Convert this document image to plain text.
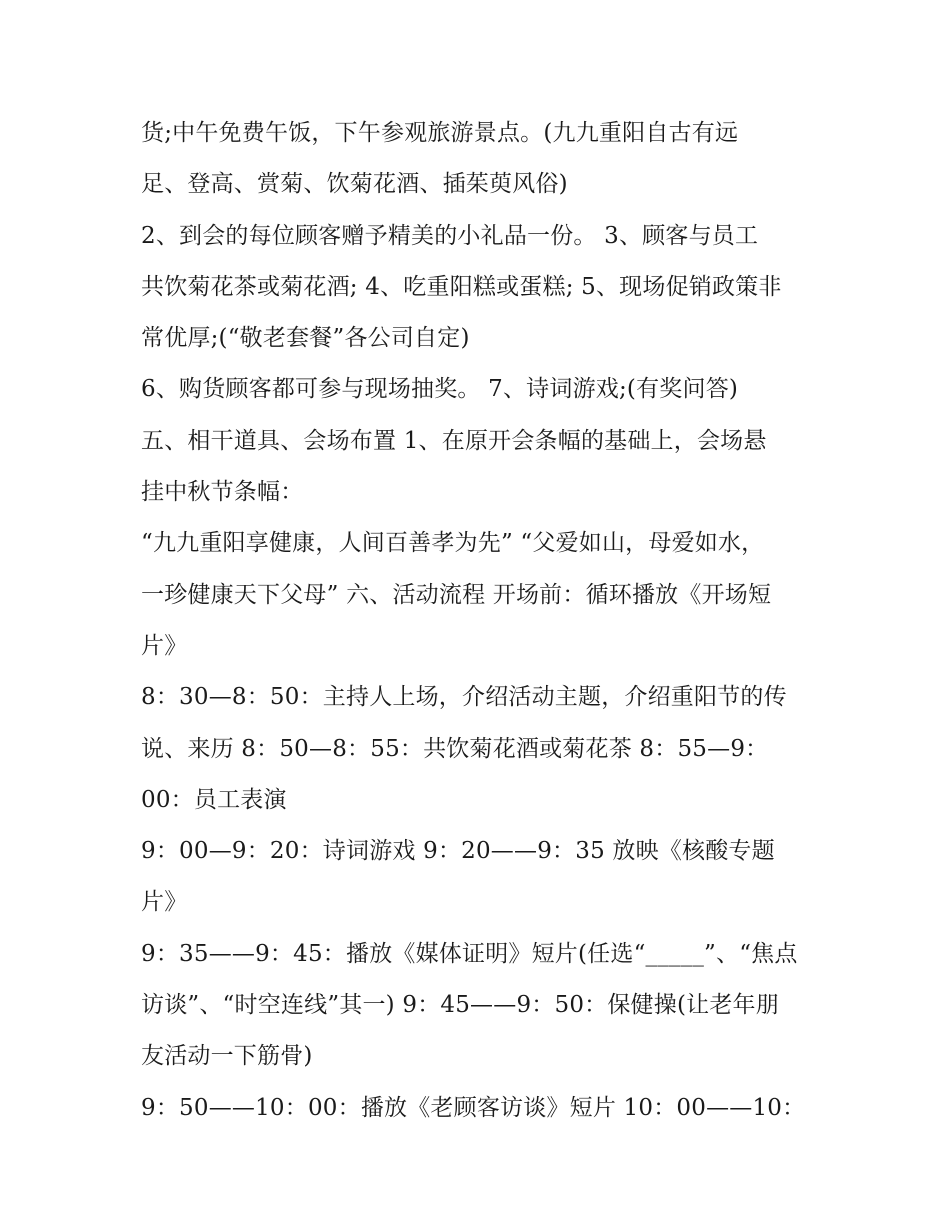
货;中午免费午饭，下午参观旅游景点。(九九重阳自古有远
足、登高、赏菊、饮菊花酒、插茱萸风俗)
2、到会的每位顾客赠予精美的小礼品一份。 3、顾客与员工
共饮菊花茶或菊花酒; 4、吃重阳糕或蛋糕; 5、现场促销政策非
常优厚;(“敬老套餐”各公司自定)
6、购货顾客都可参与现场抽奖。 7、诗词游戏;(有奖问答)
五、相干道具、会场布置 1、在原开会条幅的基础上，会场悬
挂中秋节条幅：
“九九重阳享健康，人间百善孝为先” “父爱如山，母爱如水，
一珍健康天下父母” 六、活动流程 开场前：循环播放《开场短
片》
8：30—8：50：主持人上场，介绍活动主题，介绍重阳节的传
说、来历 8：50—8：55：共饮菊花酒或菊花茶 8：55—9：
00：员工表演
9：00—9：20：诗词游戏 9：20——9：35 放映《核酸专题
片》
9：35——9：45：播放《媒体证明》短片(任选“_____”、“焦点
访谈”、“时空连线”其一) 9：45——9：50：保健操(让老年朋
友活动一下筋骨)
9：50——10：00：播放《老顾客访谈》短片 10：00——10：
